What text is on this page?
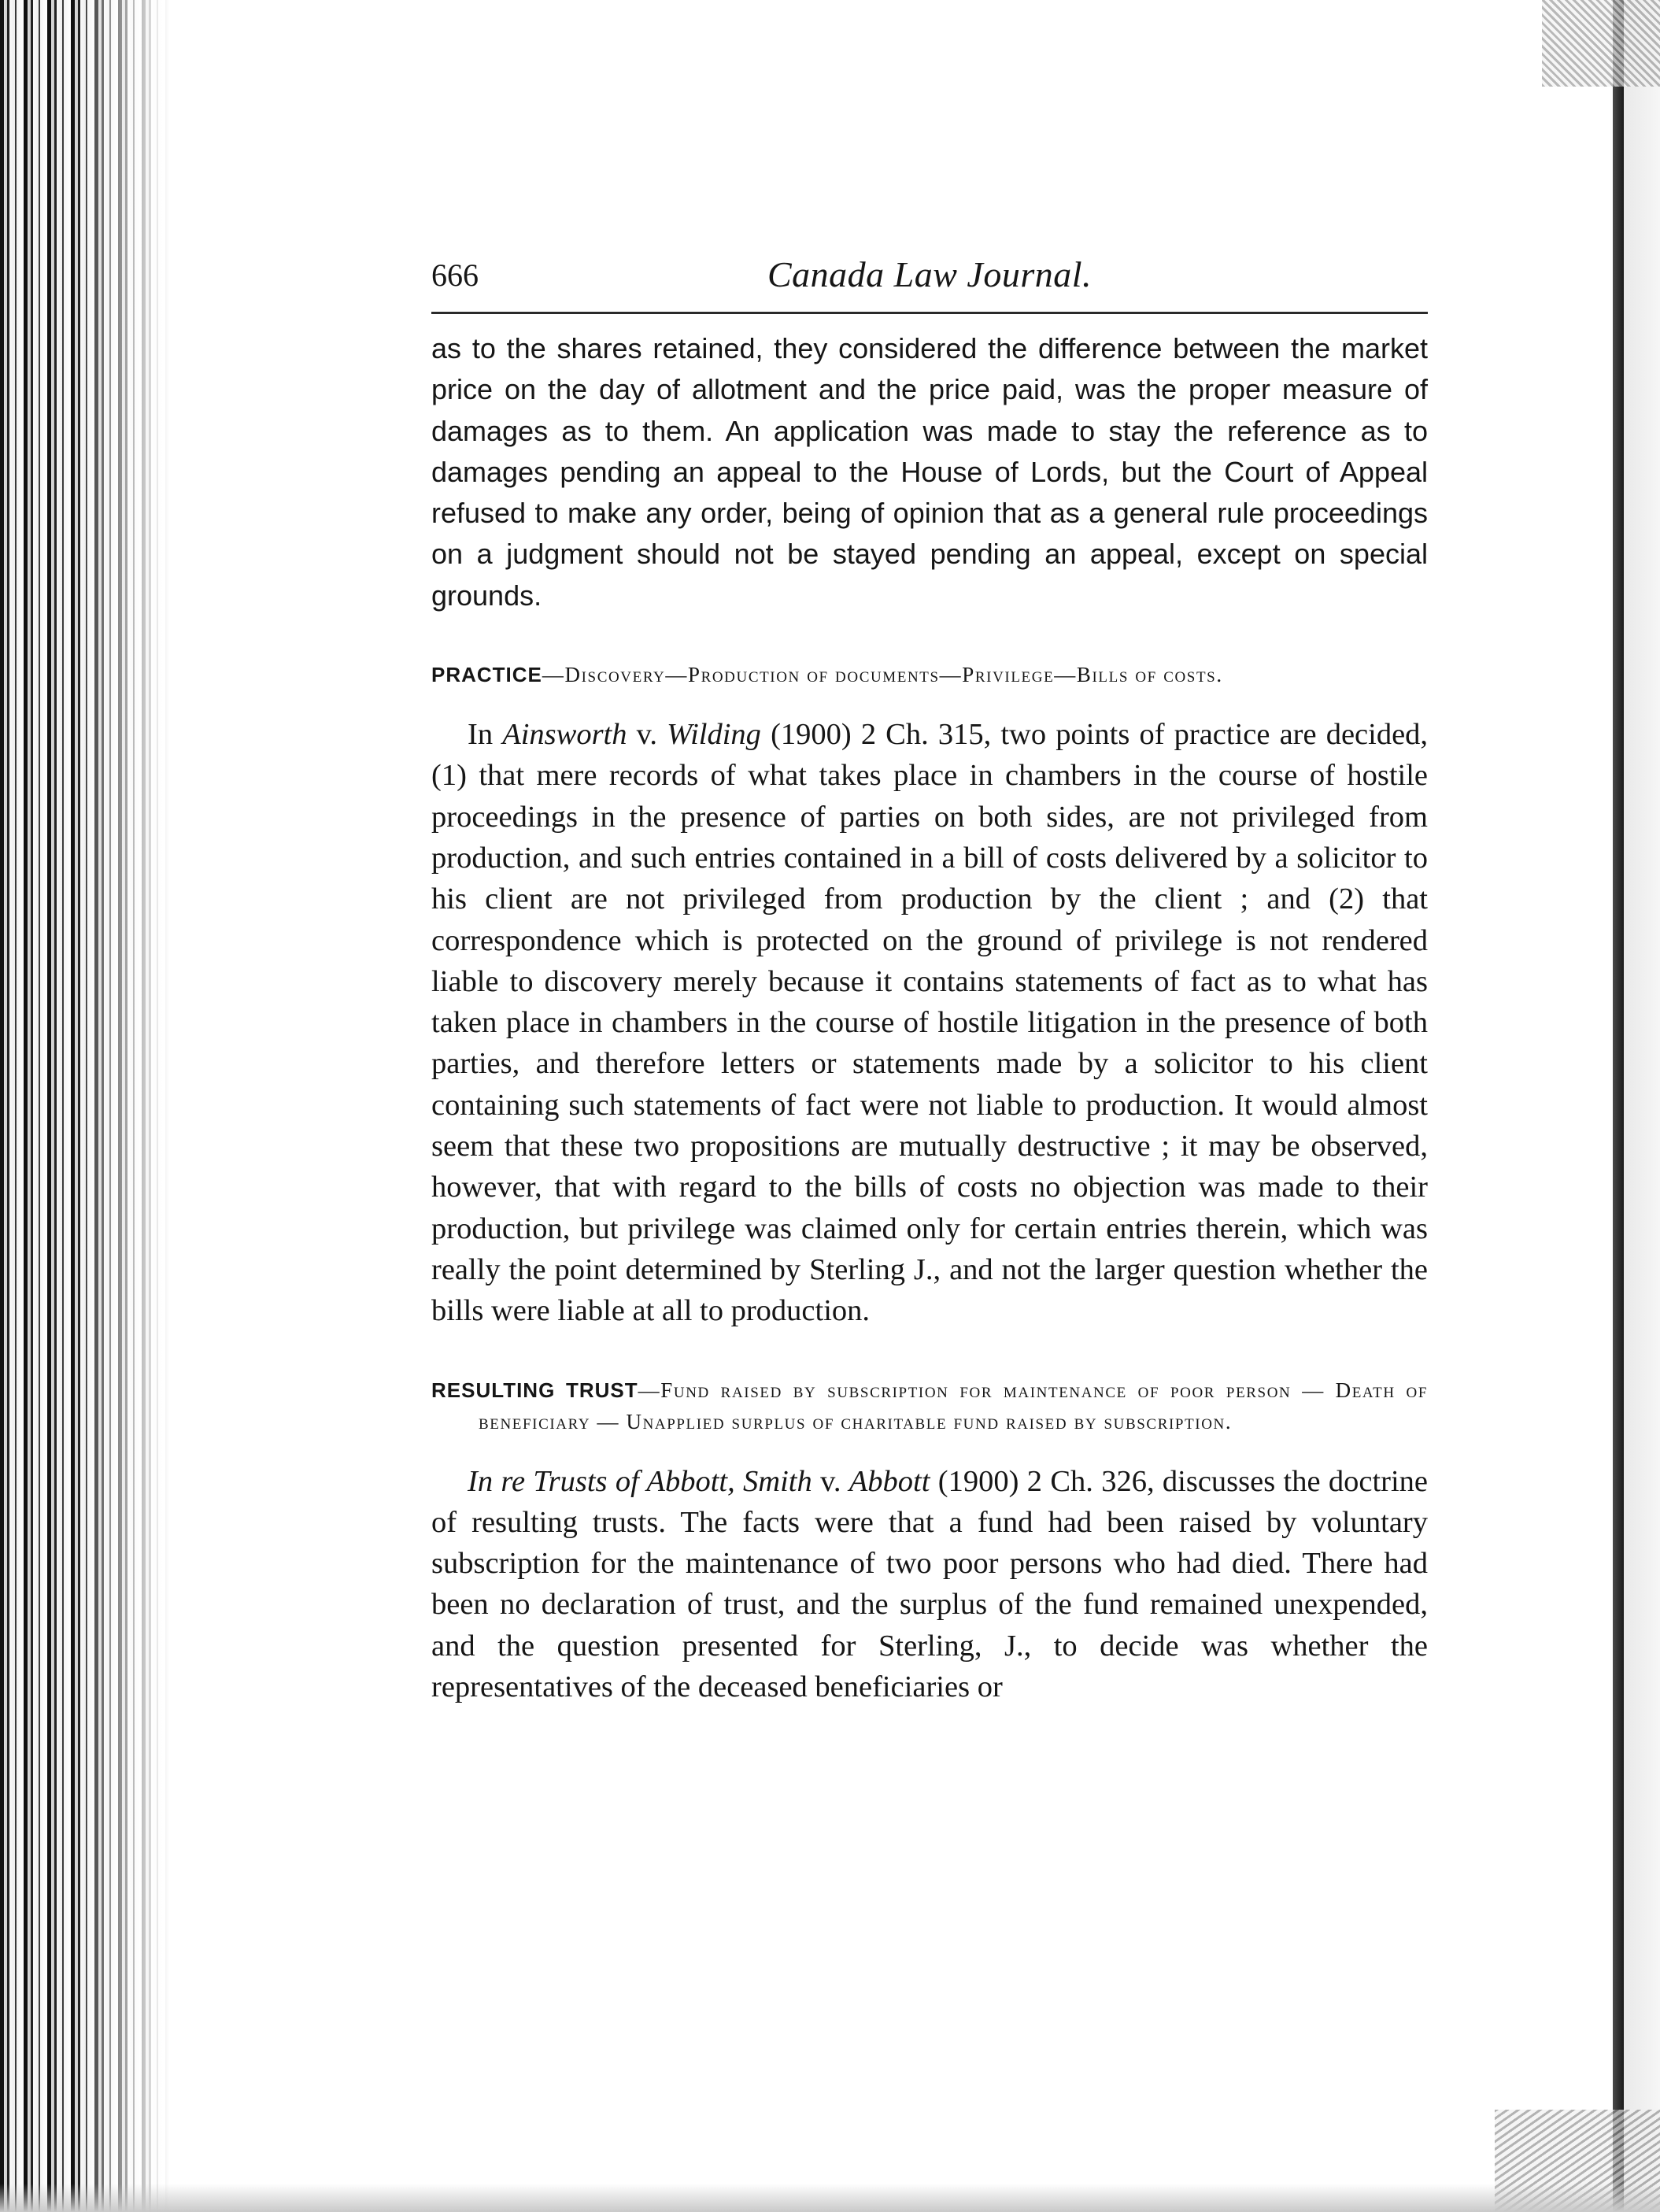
666	Canada Law Journal.

as to the shares retained, they considered the difference between the market price on the day of allotment and the price paid, was the proper measure of damages as to them. An application was made to stay the reference as to damages pending an appeal to the House of Lords, but the Court of Appeal refused to make any order, being of opinion that as a general rule proceedings on a judgment should not be stayed pending an appeal, except on special grounds.

PRACTICE—Discovery—Production of documents—Privilege—Bills of costs.

In Ainsworth v. Wilding (1900) 2 Ch. 315, two points of practice are decided, (1) that mere records of what takes place in chambers in the course of hostile proceedings in the presence of parties on both sides, are not privileged from production, and such entries contained in a bill of costs delivered by a solicitor to his client are not privileged from production by the client ; and (2) that correspondence which is protected on the ground of privilege is not rendered liable to discovery merely because it contains statements of fact as to what has taken place in chambers in the course of hostile litigation in the presence of both parties, and therefore letters or statements made by a solicitor to his client containing such statements of fact were not liable to production. It would almost seem that these two propositions are mutually destructive ; it may be observed, however, that with regard to the bills of costs no objection was made to their production, but privilege was claimed only for certain entries therein, which was really the point determined by Sterling J., and not the larger question whether the bills were liable at all to production.

RESULTING TRUST—Fund raised by subscription for maintenance of poor person — Death of beneficiary — Unapplied surplus of charitable fund raised by subscription.

In re Trusts of Abbott, Smith v. Abbott (1900) 2 Ch. 326, discusses the doctrine of resulting trusts. The facts were that a fund had been raised by voluntary subscription for the maintenance of two poor persons who had died. There had been no declaration of trust, and the surplus of the fund remained unexpended, and the question presented for Sterling, J., to decide was whether the representatives of the deceased beneficiaries or
